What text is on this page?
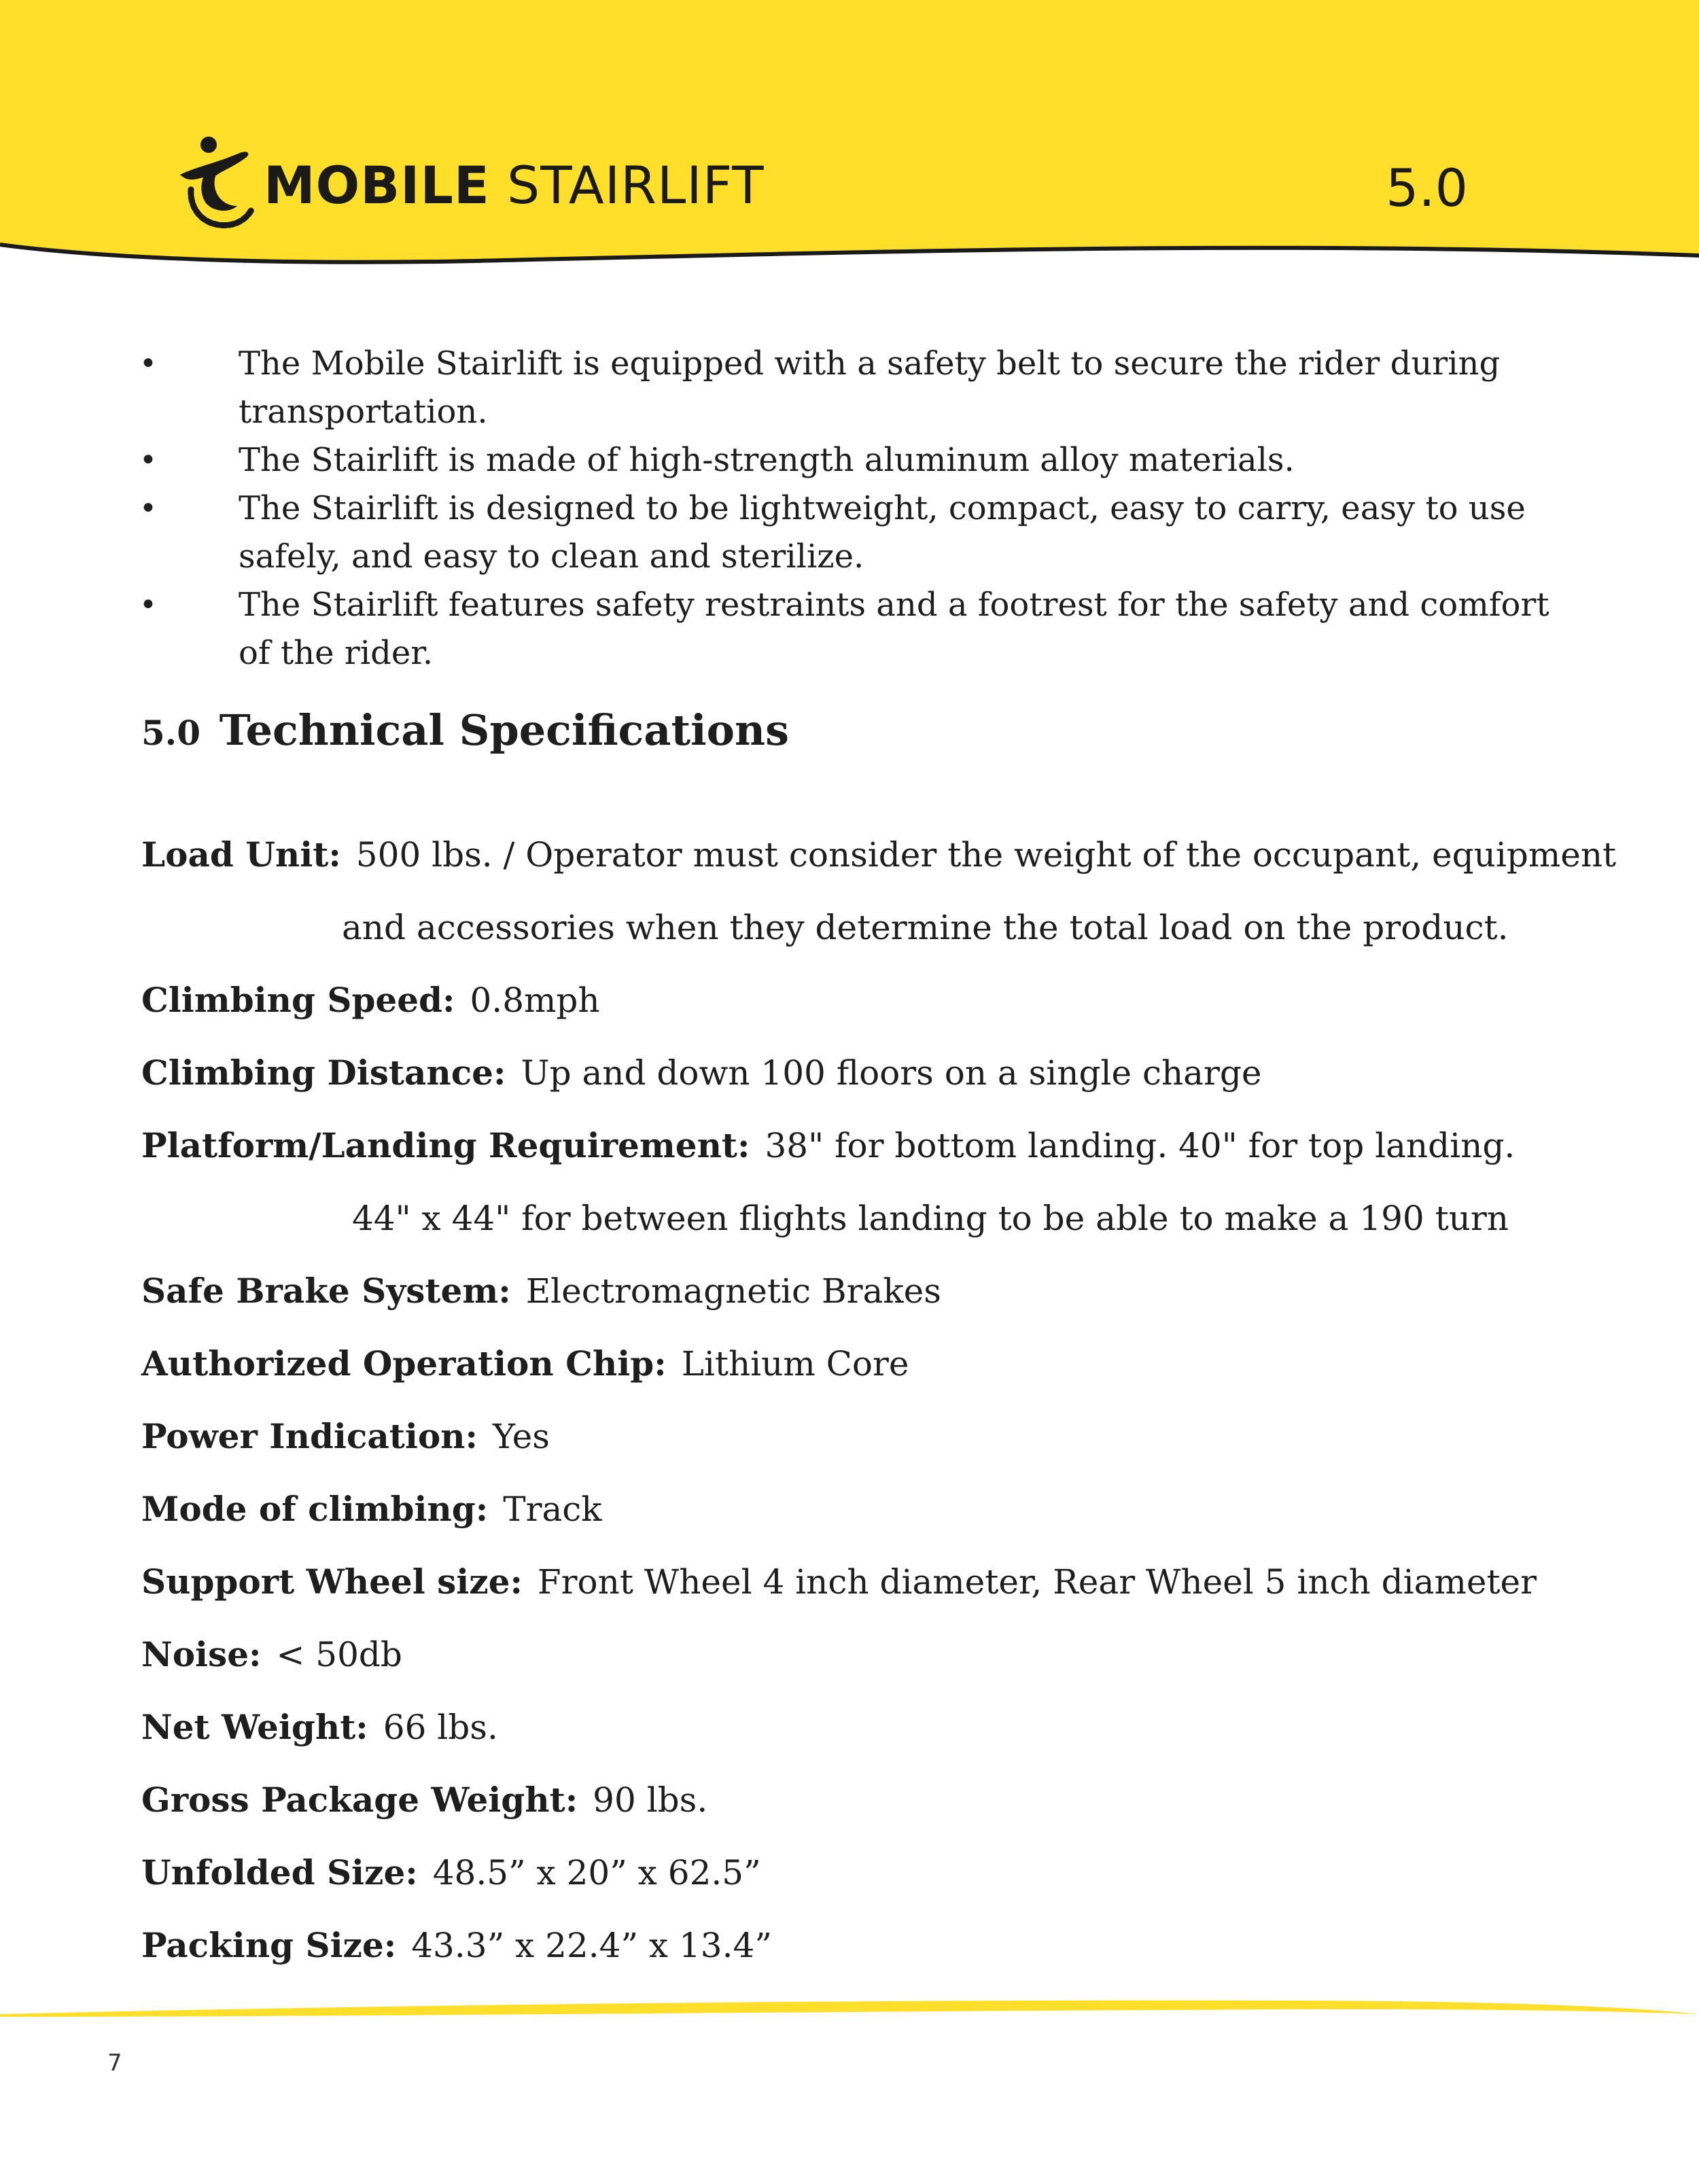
MOBILE STAIRLIFT	5.0
•	The Mobile Stairlift is equipped with a safety belt to secure the rider during transportation.
•	The Stairlift is made of high-strength aluminum alloy materials.
•	The Stairlift is designed to be lightweight, compact, easy to carry, easy to use safely, and easy to clean and sterilize.
•	The Stairlift features safety restraints and a footrest for the safety and comfort of the rider.
5.0 Technical Specifications
Load Unit: 500 lbs. / Operator must consider the weight of the occupant, equipment
and accessories when they determine the total load on the product.
Climbing Speed: 0.8mph
Climbing Distance: Up and down 100 floors on a single charge
Platform/Landing Requirement: 38" for bottom landing. 40" for top landing.
44" x 44" for between flights landing to be able to make a 190 turn
Safe Brake System: Electromagnetic Brakes
Authorized Operation Chip: Lithium Core
Power Indication: Yes
Mode of climbing: Track
Support Wheel size: Front Wheel 4 inch diameter, Rear Wheel 5 inch diameter
Noise: < 50db
Net Weight: 66 lbs.
Gross Package Weight: 90 lbs.
Unfolded Size: 48.5” x 20” x 62.5”
Packing Size: 43.3” x 22.4” x 13.4”
7
